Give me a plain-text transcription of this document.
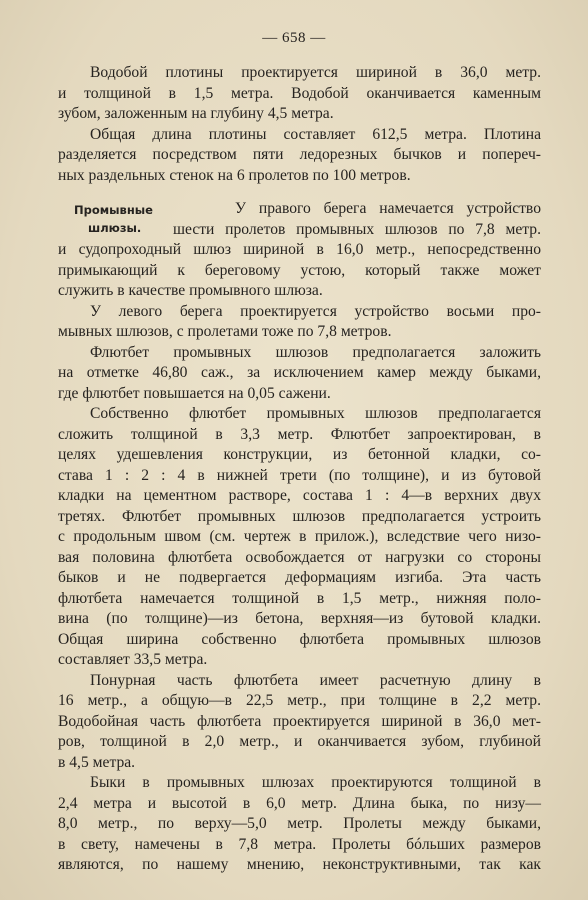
— 658 —
Водобой плотины проектируется шириной в 36,0 метр.
и толщиной в 1,5 метра. Водобой оканчивается каменным
зубом, заложенным на глубину 4,5 метра.
Общая длина плотины составляет 612,5 метра. Плотина
разделяется посредством пяти ледорезных бычков и попереч-
ных раздельных стенок на 6 пролетов по 100 метров.
Промывные
шлюзы.
У правого берега намечается устройство
шести пролетов промывных шлюзов по 7,8 метр.
и судопроходный шлюз шириной в 16,0 метр., непосредственно
примыкающий к береговому устою, который также может
служить в качестве промывного шлюза.
У левого берега проектируется устройство восьми про-
мывных шлюзов, с пролетами тоже по 7,8 метров.
Флютбет промывных шлюзов предполагается заложить
на отметке 46,80 саж., за исключением камер между быками,
где флютбет повышается на 0,05 сажени.
Собственно флютбет промывных шлюзов предполагается
сложить толщиной в 3,3 метр. Флютбет запроектирован, в
целях удешевления конструкции, из бетонной кладки, со-
става 1 : 2 : 4 в нижней трети (по толщине), и из бутовой
кладки на цементном растворе, состава 1 : 4—в верхних двух
третях. Флютбет промывных шлюзов предполагается устроить
с продольным швом (см. чертеж в прилож.), вследствие чего низо-
вая половина флютбета освобождается от нагрузки со стороны
быков и не подвергается деформациям изгиба. Эта часть
флютбета намечается толщиной в 1,5 метр., нижняя поло-
вина (по толщине)—из бетона, верхняя—из бутовой кладки.
Общая ширина собственно флютбета промывных шлюзов
составляет 33,5 метра.
Понурная часть флютбета имеет расчетную длину в
16 метр., а общую—в 22,5 метр., при толщине в 2,2 метр.
Водобойная часть флютбета проектируется шириной в 36,0 мет-
ров, толщиной в 2,0 метр., и оканчивается зубом, глубиной
в 4,5 метра.
Быки в промывных шлюзах проектируются толщиной в
2,4 метра и высотой в 6,0 метр. Длина быка, по низу—
8,0 метр., по верху—5,0 метр. Пролеты между быками,
в свету, намечены в 7,8 метра. Пролеты бóльших размеров
являются, по нашему мнению, неконструктивными, так как
